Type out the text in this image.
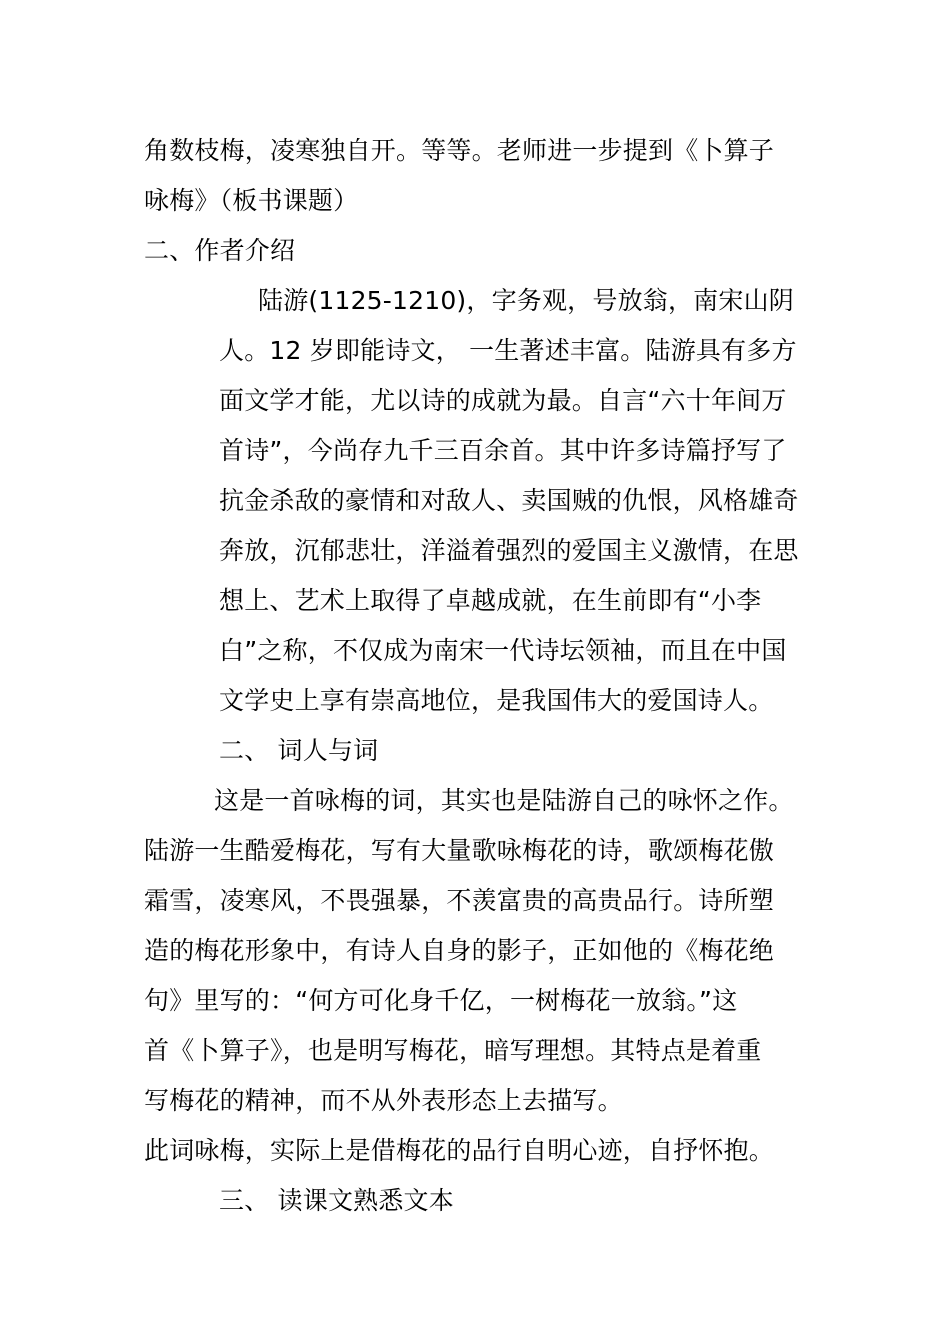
角数枝梅，凌寒独自开。等等。老师进一步提到《卜算子
咏梅》（板书课题）
二、作者介绍
陆游(1125-1210)，字务观，号放翁，南宋山阴
人。12 岁即能诗文， 一生著述丰富。陆游具有多方
面文学才能，尤以诗的成就为最。自言“六十年间万
首诗”，今尚存九千三百余首。其中许多诗篇抒写了
抗金杀敌的豪情和对敌人、卖国贼的仇恨，风格雄奇
奔放，沉郁悲壮，洋溢着强烈的爱国主义激情，在思
想上、艺术上取得了卓越成就，在生前即有“小李
白”之称，不仅成为南宋一代诗坛领袖，而且在中国
文学史上享有崇高地位，是我国伟大的爱国诗人。
二、 词人与词
这是一首咏梅的词，其实也是陆游自己的咏怀之作。
陆游一生酷爱梅花，写有大量歌咏梅花的诗，歌颂梅花傲
霜雪，凌寒风，不畏强暴，不羡富贵的高贵品行。诗所塑
造的梅花形象中，有诗人自身的影子，正如他的《梅花绝
句》里写的：“何方可化身千亿，一树梅花一放翁。”这
首《卜算子》，也是明写梅花，暗写理想。其特点是着重
写梅花的精神，而不从外表形态上去描写。
此词咏梅，实际上是借梅花的品行自明心迹，自抒怀抱。
三、 读课文熟悉文本
